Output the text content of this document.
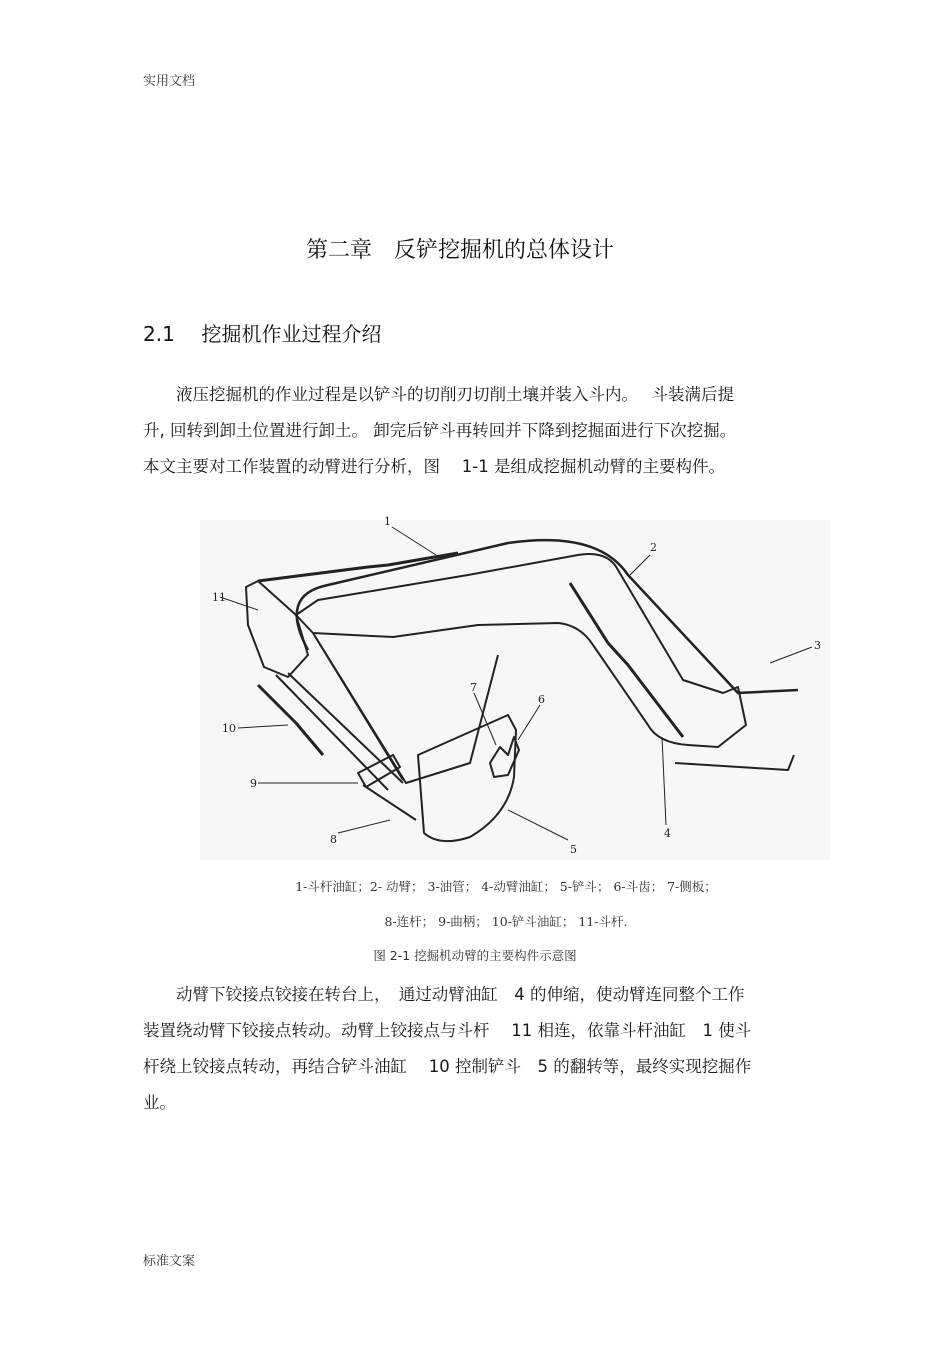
实用文档
第二章　反铲挖掘机的总体设计
2.1 挖掘机作业过程介绍

液压挖掘机的作业过程是以铲斗的切削刃切削土壤并装入斗内。　 斗装满后提

升, 回转到卸土位置进行卸土。 卸完后铲斗再转回并下降到挖掘面进行下次挖掘。

本文主要对工作装置的动臂进行分析，图　 1-1 是组成挖掘机动臂的主要构件。

1
2
3
4
5
6
7
8
9
10
11
1-斗杆油缸；2- 动臂； 3-油管； 4-动臂油缸； 5-铲斗； 6-斗齿； 7-侧板；
8-连杆； 9-曲柄； 10-铲斗油缸； 11-斗杆.
图 2-1 挖掘机动臂的主要构件示意图

动臂下铰接点铰接在转台上，　通过动臂油缸　4 的伸缩，使动臂连同整个工作

装置绕动臂下铰接点转动。动臂上铰接点与斗杆　 11 相连，依靠斗杆油缸　1 使斗

杆绕上铰接点转动，再结合铲斗油缸　 10 控制铲斗　5 的翻转等，最终实现挖掘作

业。

标准文案
